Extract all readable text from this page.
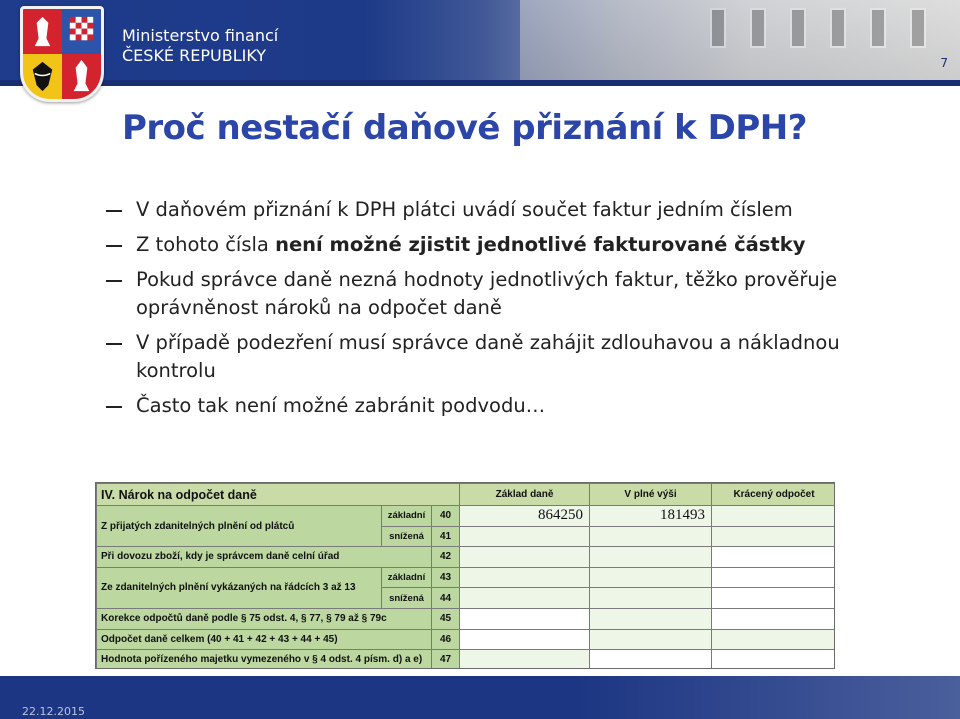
Ministerstvo financí
ČESKÉ REPUBLIKY	7
Proč nestačí daňové přiznání k DPH?
V daňovém přiznání k DPH plátci uvádí součet faktur jedním číslem
Z tohoto čísla není možné zjistit jednotlivé fakturované částky
Pokud správce daně nezná hodnoty jednotlivých faktur, těžko prověřuje oprávněnost nároků na odpočet daně
V případě podezření musí správce daně zahájit zdlouhavou a nákladnou kontrolu
Často tak není možné zabránit podvodu…
IV. Nárok na odpočet daně			Základ daně	V plné výši	Krácený odpočet
Z přijatých zdanitelných plnění od plátců	základní	40	864250	181493	
	snížená	41			
Při dovozu zboží, kdy je správcem daně celní úřad		42			
Ze zdanitelných plnění vykázaných na řádcích 3 až 13	základní	43			
	snížená	44			
Korekce odpočtů daně podle § 75 odst. 4, § 77, § 79 až § 79c		45			
Odpočet daně celkem (40 + 41 + 42 + 43 + 44 + 45)		46			
Hodnota pořízeného majetku vymezeného v § 4 odst. 4 písm. d) a e)		47			
22.12.2015
